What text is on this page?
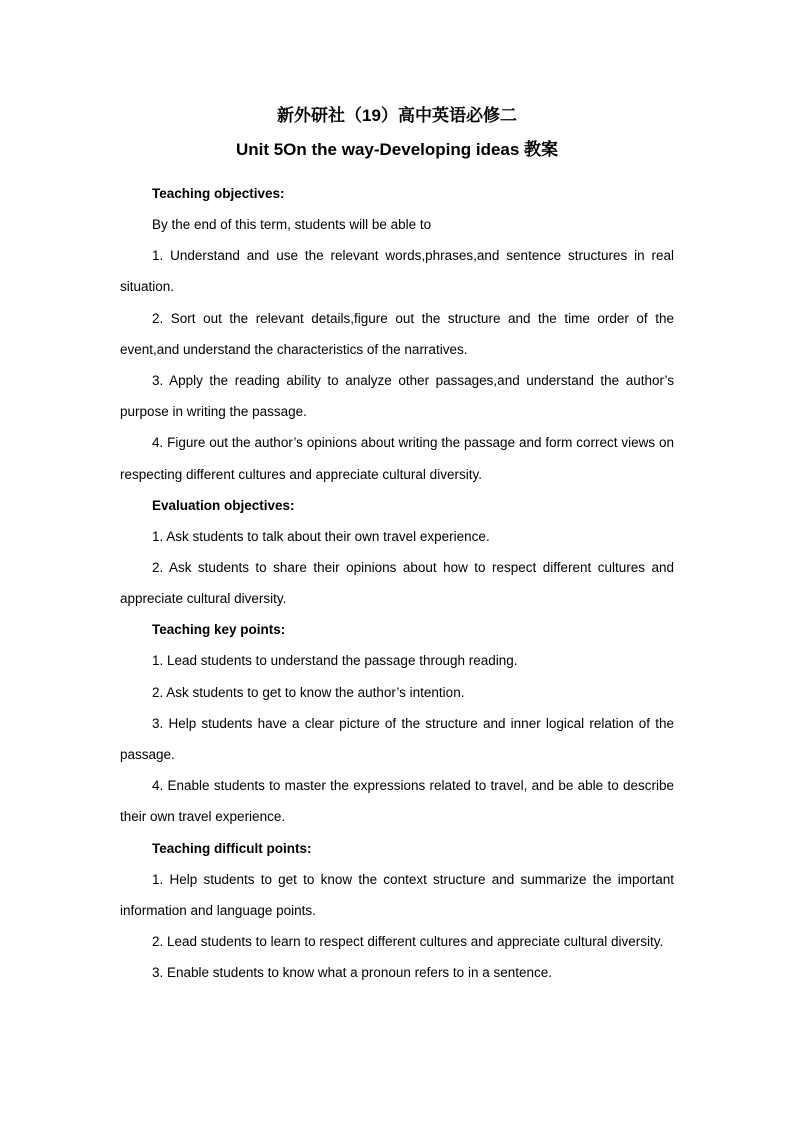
新外研社（19）高中英语必修二
Unit 5On the way-Developing ideas 教案

Teaching objectives:

By the end of this term, students will be able to

1. Understand and use the relevant words,phrases,and sentence structures in real situation.

2. Sort out the relevant details,figure out the structure and the time order of the event,and understand the characteristics of the narratives.

3. Apply the reading ability to analyze other passages,and understand the author’s purpose in writing the passage.

4. Figure out the author’s opinions about writing the passage and form correct views on respecting different cultures and appreciate cultural diversity.

Evaluation objectives:

1. Ask students to talk about their own travel experience.

2. Ask students to share their opinions about how to respect different cultures and appreciate cultural diversity.

Teaching key points:

1. Lead students to understand the passage through reading.

2. Ask students to get to know the author’s intention.

3. Help students have a clear picture of the structure and inner logical relation of the passage.

4. Enable students to master the expressions related to travel, and be able to describe their own travel experience.

Teaching difficult points:

1. Help students to get to know the context structure and summarize the important information and language points.

2. Lead students to learn to respect different cultures and appreciate cultural diversity.

3. Enable students to know what a pronoun refers to in a sentence.
